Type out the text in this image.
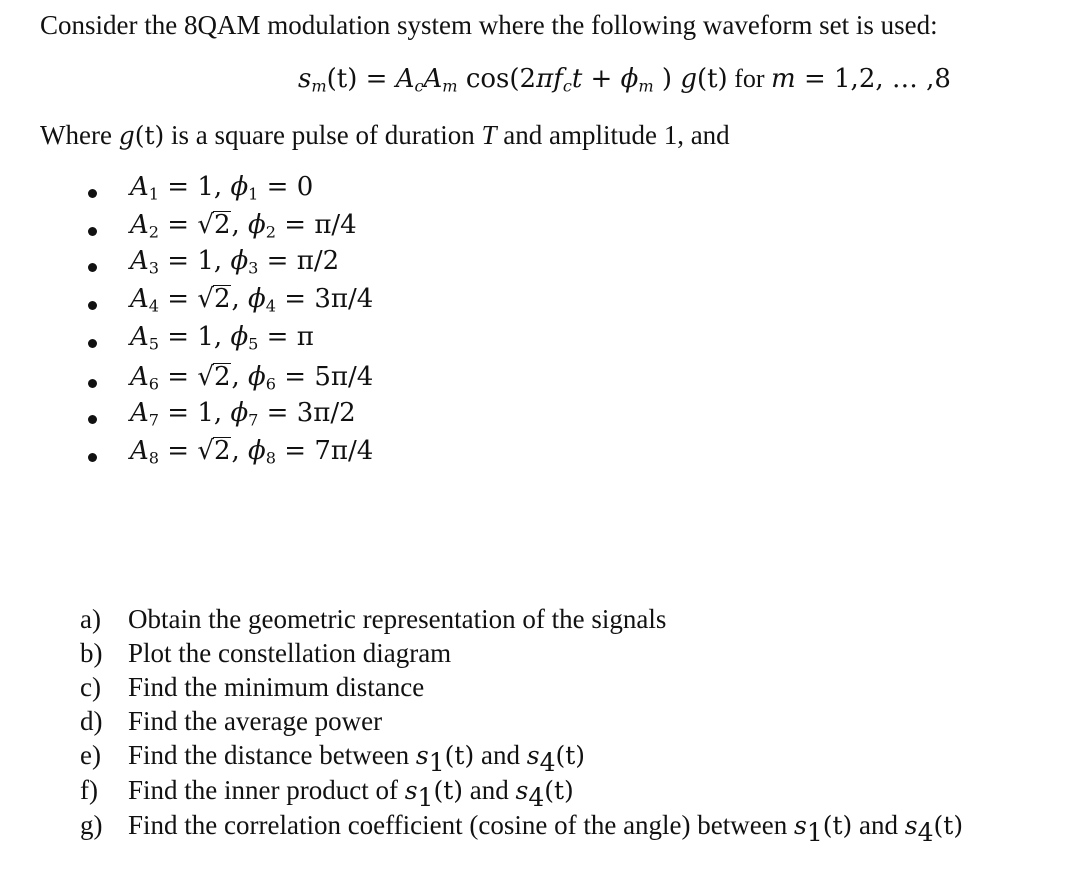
Consider the 8QAM modulation system where the following waveform set is used:
$s_m(t) = A_cA_m$ $\cos(2\pi f_ct + \phi_m$ ) g(t) for m = 1,2, … ,8
Where g(t) is a square pulse of duration T and amplitude 1, and
$A_1 = 1$, $\phi_1 = 0$
$A_2 = √2$, $\phi_2 = \pi/4$
$A_3 = 1$, $\phi_3 = \pi/2$
$A_4 = √2$, $\phi_4 = 3\pi/4$
$A_5 = 1$, $\phi_5 = \pi$
$A_6 = √2$, $\phi_6 = 5\pi/4$
$A_7 = 1$, $\phi_7 = 3\pi/2$
$A_8 = √2$, $\phi_8 = 7\pi/4$
a) Obtain the geometric representation of the signals
b) Plot the constellation diagram
c) Find the minimum distance
d) Find the average power
e) Find the distance between $s_1(t)$ and $s_4(t)$
f) Find the inner product of $s_1(t)$ and $s_4(t)$
g) Find the correlation coefficient (cosine of the angle) between $s_1(t)$ and $s_4(t)$
